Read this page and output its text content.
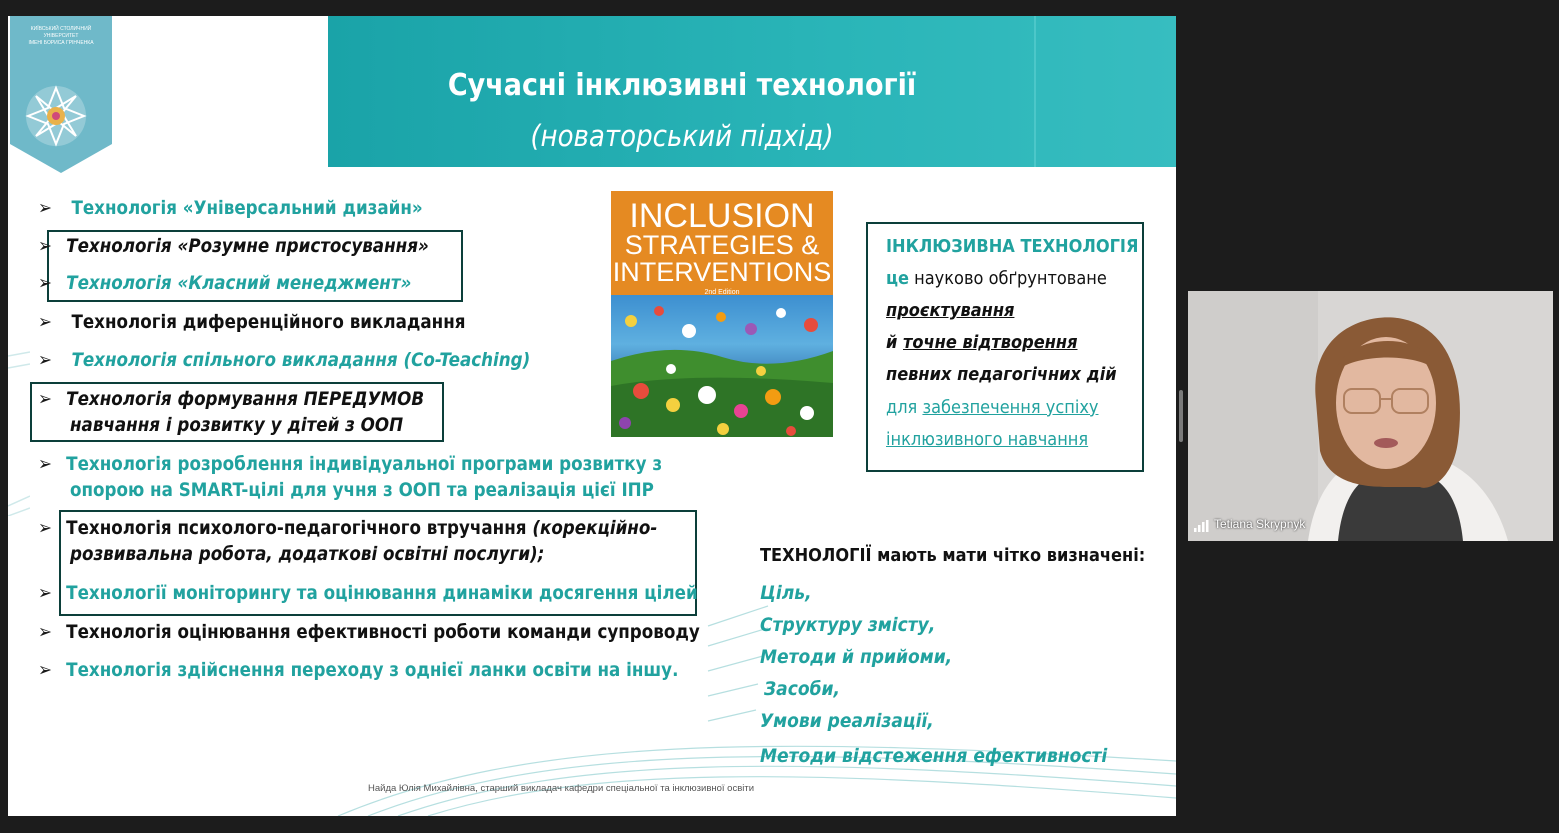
Сучасні інклюзивні технології
(новаторський підхід)
КИЇВСЬКИЙ СТОЛИЧНИЙ УНІВЕРСИТЕТ
ІМЕНІ БОРИСА ГРІНЧЕНКА
➢ Технологія «Універсальний дизайн»
➢ Технологія «Розумне пристосування»
➢ Технологія «Класний менеджмент»
➢ Технологія диференційного викладання
➢ Технологія спільного викладання (Co-Teaching)
➢ Технологія формування ПЕРЕДУМОВ
навчання і розвитку у дітей з ООП
➢ Технологія розроблення індивідуальної програми розвитку з
опорою на SMART-цілі для учня з ООП та реалізація цієї ІПР
➢ Технологія психолого-педагогічного втручання (корекційно-
розвивальна робота, додаткові освітні послуги);
➢ Технології моніторингу та оцінювання динаміки досягення цілей
➢ Технологія оцінювання ефективності роботи команди супроводу
➢ Технологія здійснення переходу з однієї ланки освіти на іншу.
INCLUSION
STRATEGIES &
INTERVENTIONS
2nd Edition
ІНКЛЮЗИВНА ТЕХНОЛОГІЯ
це науково обґрунтоване
проєктування
й точне відтворення
певних педагогічних дій
для забезпечення успіху
інклюзивного навчання
ТЕХНОЛОГІЇ мають мати чітко визначені:
Ціль,
Структуру змісту,
Методи й прийоми,
Засоби,
Умови реалізації,
Методи відстеження ефективності
Найда Юлія Михайлівна, старший викладач кафедри спеціальної та інклюзивної освіти
Tetiana Skrypnyk
